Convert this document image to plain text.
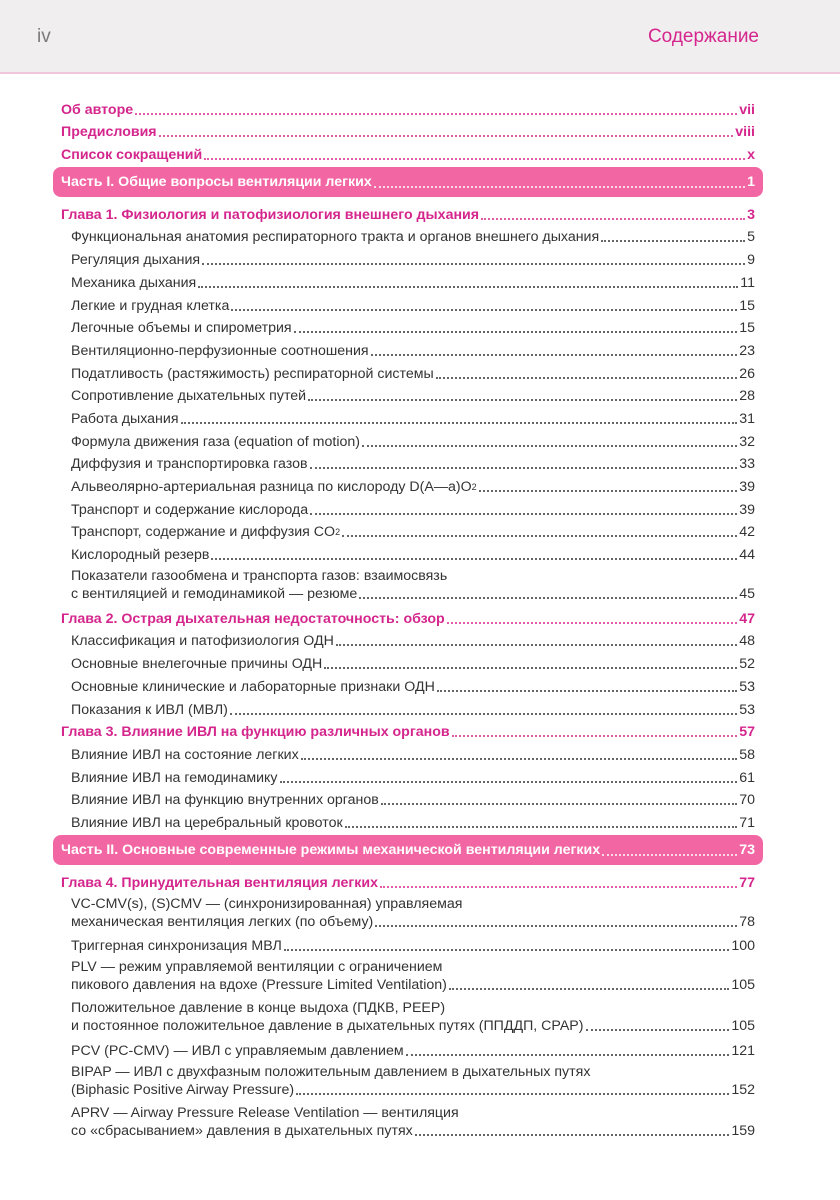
iv	Содержание
Об авторе	vii
Предисловия	viii
Список сокращений	x
Часть I. Общие вопросы вентиляции легких	1
Глава 1. Физиология и патофизиология внешнего дыхания	3
Функциональная анатомия респираторного тракта и органов внешнего дыхания	5
Регуляция дыхания	9
Механика дыхания	11
Легкие и грудная клетка	15
Легочные объемы и спирометрия	15
Вентиляционно-перфузионные соотношения	23
Податливость (растяжимость) респираторной системы	26
Сопротивление дыхательных путей	28
Работа дыхания	31
Формула движения газа (equation of motion)	32
Диффузия и транспортировка газов	33
Альвеолярно-артериальная разница по кислороду D(A—a)O 2	39
Транспорт и содержание кислорода	39
Транспорт, содержание и диффузия CO 2	42
Кислородный резерв	44
Показатели газообмена и транспорта газов: взаимосвязь
с вентиляцией и гемодинамикой — резюме	45
Глава 2. Острая дыхательная недостаточность: обзор	47
Классификация и патофизиология ОДН	48
Основные внелегочные причины ОДН	52
Основные клинические и лабораторные признаки ОДН	53
Показания к ИВЛ (МВЛ)	53
Глава 3. Влияние ИВЛ на функцию различных органов	57
Влияние ИВЛ на состояние легких	58
Влияние ИВЛ на гемодинамику	61
Влияние ИВЛ на функцию внутренних органов	70
Влияние ИВЛ на церебральный кровоток	71
Часть II. Основные современные режимы механической вентиляции легких	73
Глава 4. Принудительная вентиляция легких	77
VC-CMV(s), (S)CMV — (синхронизированная) управляемая
механическая вентиляция легких (по объему)	78
Триггерная синхронизация МВЛ	100
PLV — режим управляемой вентиляции с ограничением
пикового давления на вдохе (Pressure Limited Ventilation)	105
Положительное давление в конце выдоха (ПДКВ, PEEP)
и постоянное положительное давление в дыхательных путях (ППДДП, CPAP)	105
PCV (PC-CMV) — ИВЛ с управляемым давлением	121
BIPAP — ИВЛ с двухфазным положительным давлением в дыхательных путях
(Biphasic Positive Airway Pressure)	152
APRV — Airway Pressure Release Ventilation — вентиляция
со «сбрасыванием» давления в дыхательных путях	159
